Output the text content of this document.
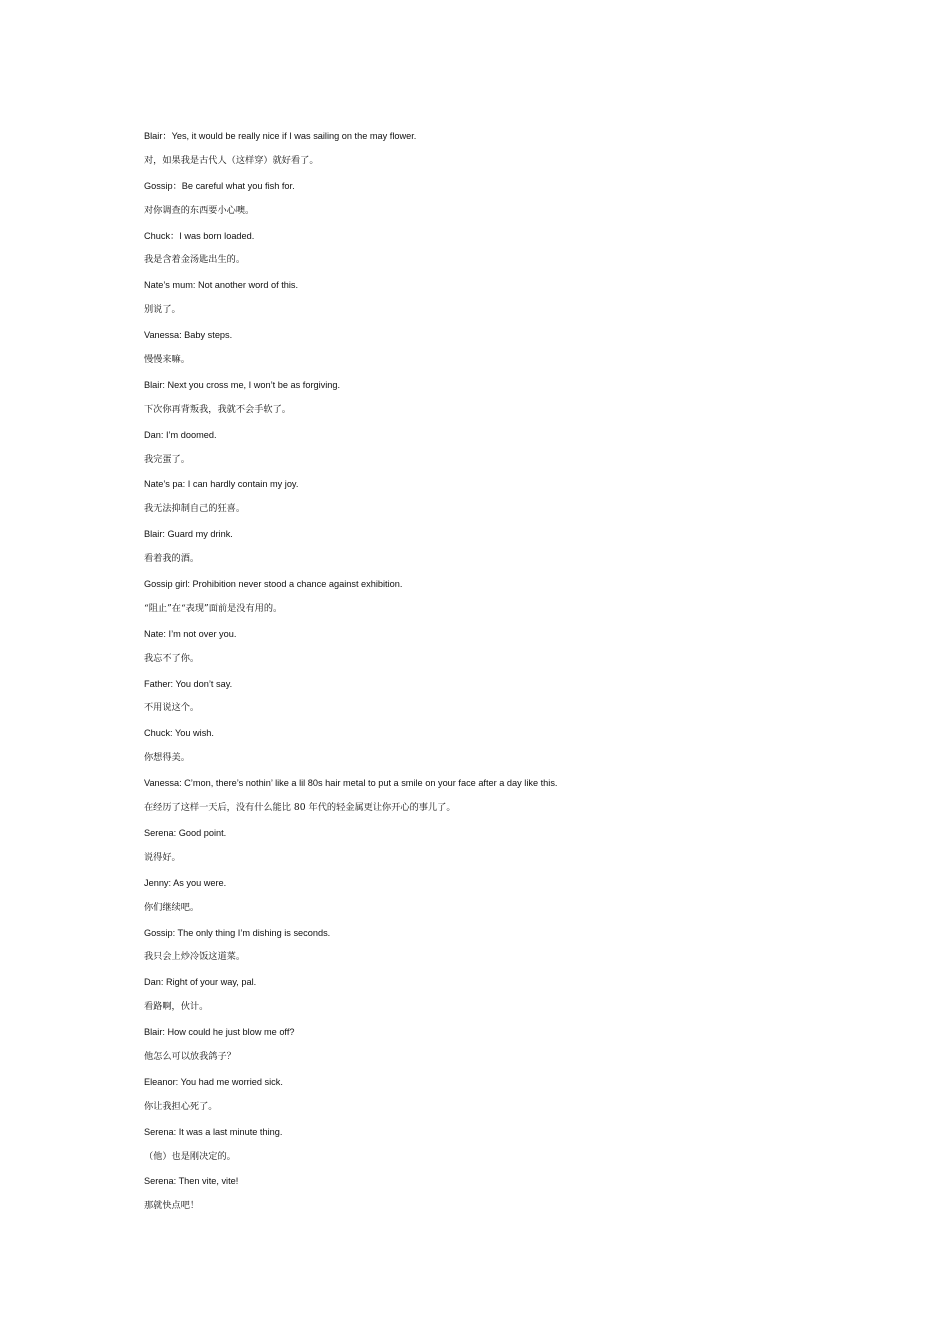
Blair：Yes, it would be really nice if I was sailing on the may flower.
对，如果我是古代人（这样穿）就好看了。
Gossip：Be careful what you fish for.
对你调查的东西要小心噢。
Chuck：I was born loaded.
我是含着金汤匙出生的。
Nate’s mum: Not another word of this.
别说了。
Vanessa: Baby steps.
慢慢来嘛。
Blair: Next you cross me, I won’t be as forgiving.
下次你再背叛我，我就不会手软了。
Dan: I’m doomed.
我完蛋了。
Nate’s pa: I can hardly contain my joy.
我无法抑制自己的狂喜。
Blair: Guard my drink.
看着我的酒。
Gossip girl: Prohibition never stood a chance against exhibition.
“阻止”在“表现”面前是没有用的。
Nate: I’m not over you.
我忘不了你。
Father: You don’t say.
不用说这个。
Chuck: You wish.
你想得美。
Vanessa: C’mon, there’s nothin’ like a lil 80s hair metal to put a smile on your face after a day like this.
在经历了这样一天后，没有什么能比 80 年代的轻金属更让你开心的事儿了。
Serena: Good point.
说得好。
Jenny: As you were.
你们继续吧。
Gossip: The only thing I’m dishing is seconds.
我只会上炒冷饭这道菜。
Dan: Right of your way, pal.
看路啊，伙计。
Blair: How could he just blow me off?
他怎么可以放我鸽子？
Eleanor: You had me worried sick.
你让我担心死了。
Serena: It was a last minute thing.
（他）也是刚决定的。
Serena: Then vite, vite!
那就快点吧！
